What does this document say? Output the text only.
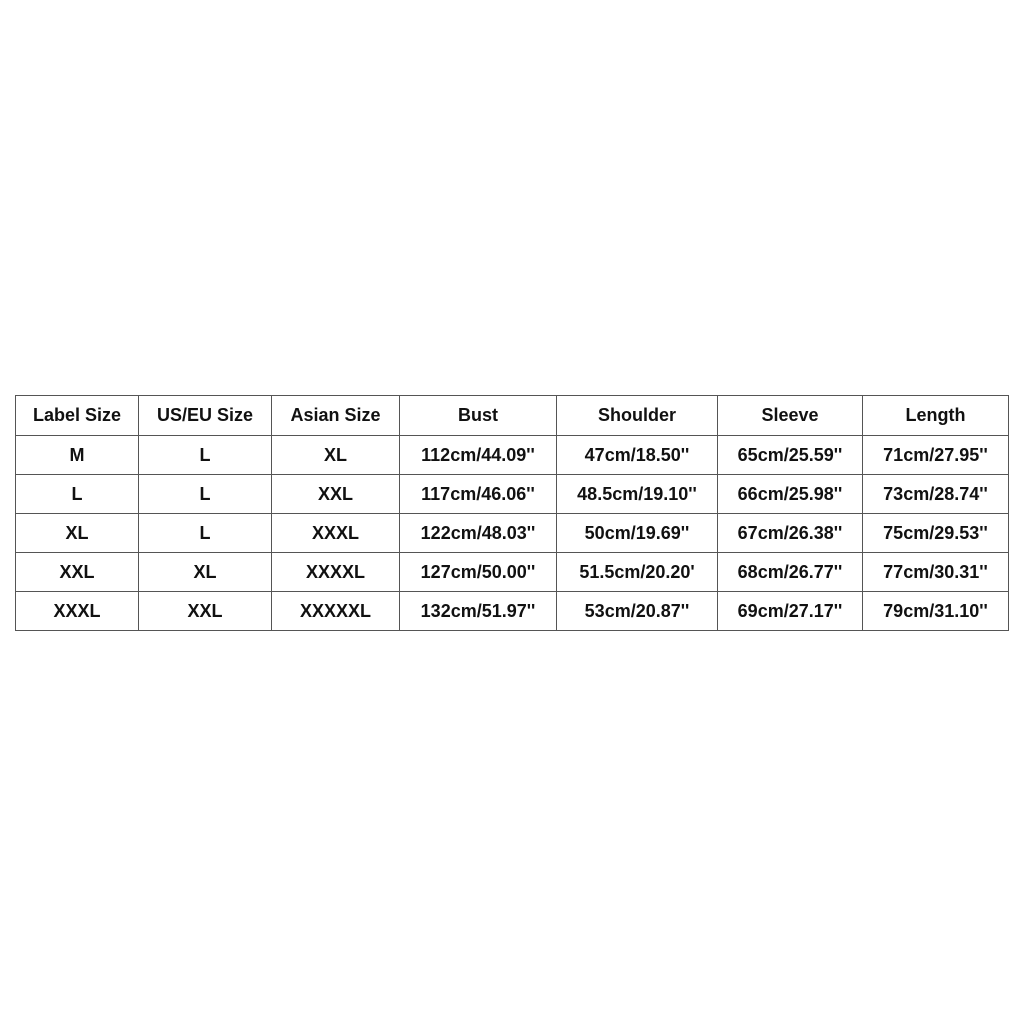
Label Size	US/EU Size	Asian Size	Bust	Shoulder	Sleeve	Length
M	L	XL	112cm/44.09''	47cm/18.50''	65cm/25.59''	71cm/27.95''
L	L	XXL	117cm/46.06''	48.5cm/19.10''	66cm/25.98''	73cm/28.74''
XL	L	XXXL	122cm/48.03''	50cm/19.69''	67cm/26.38''	75cm/29.53''
XXL	XL	XXXXL	127cm/50.00''	51.5cm/20.20'	68cm/26.77''	77cm/30.31''
XXXL	XXL	XXXXXL	132cm/51.97''	53cm/20.87''	69cm/27.17''	79cm/31.10''
